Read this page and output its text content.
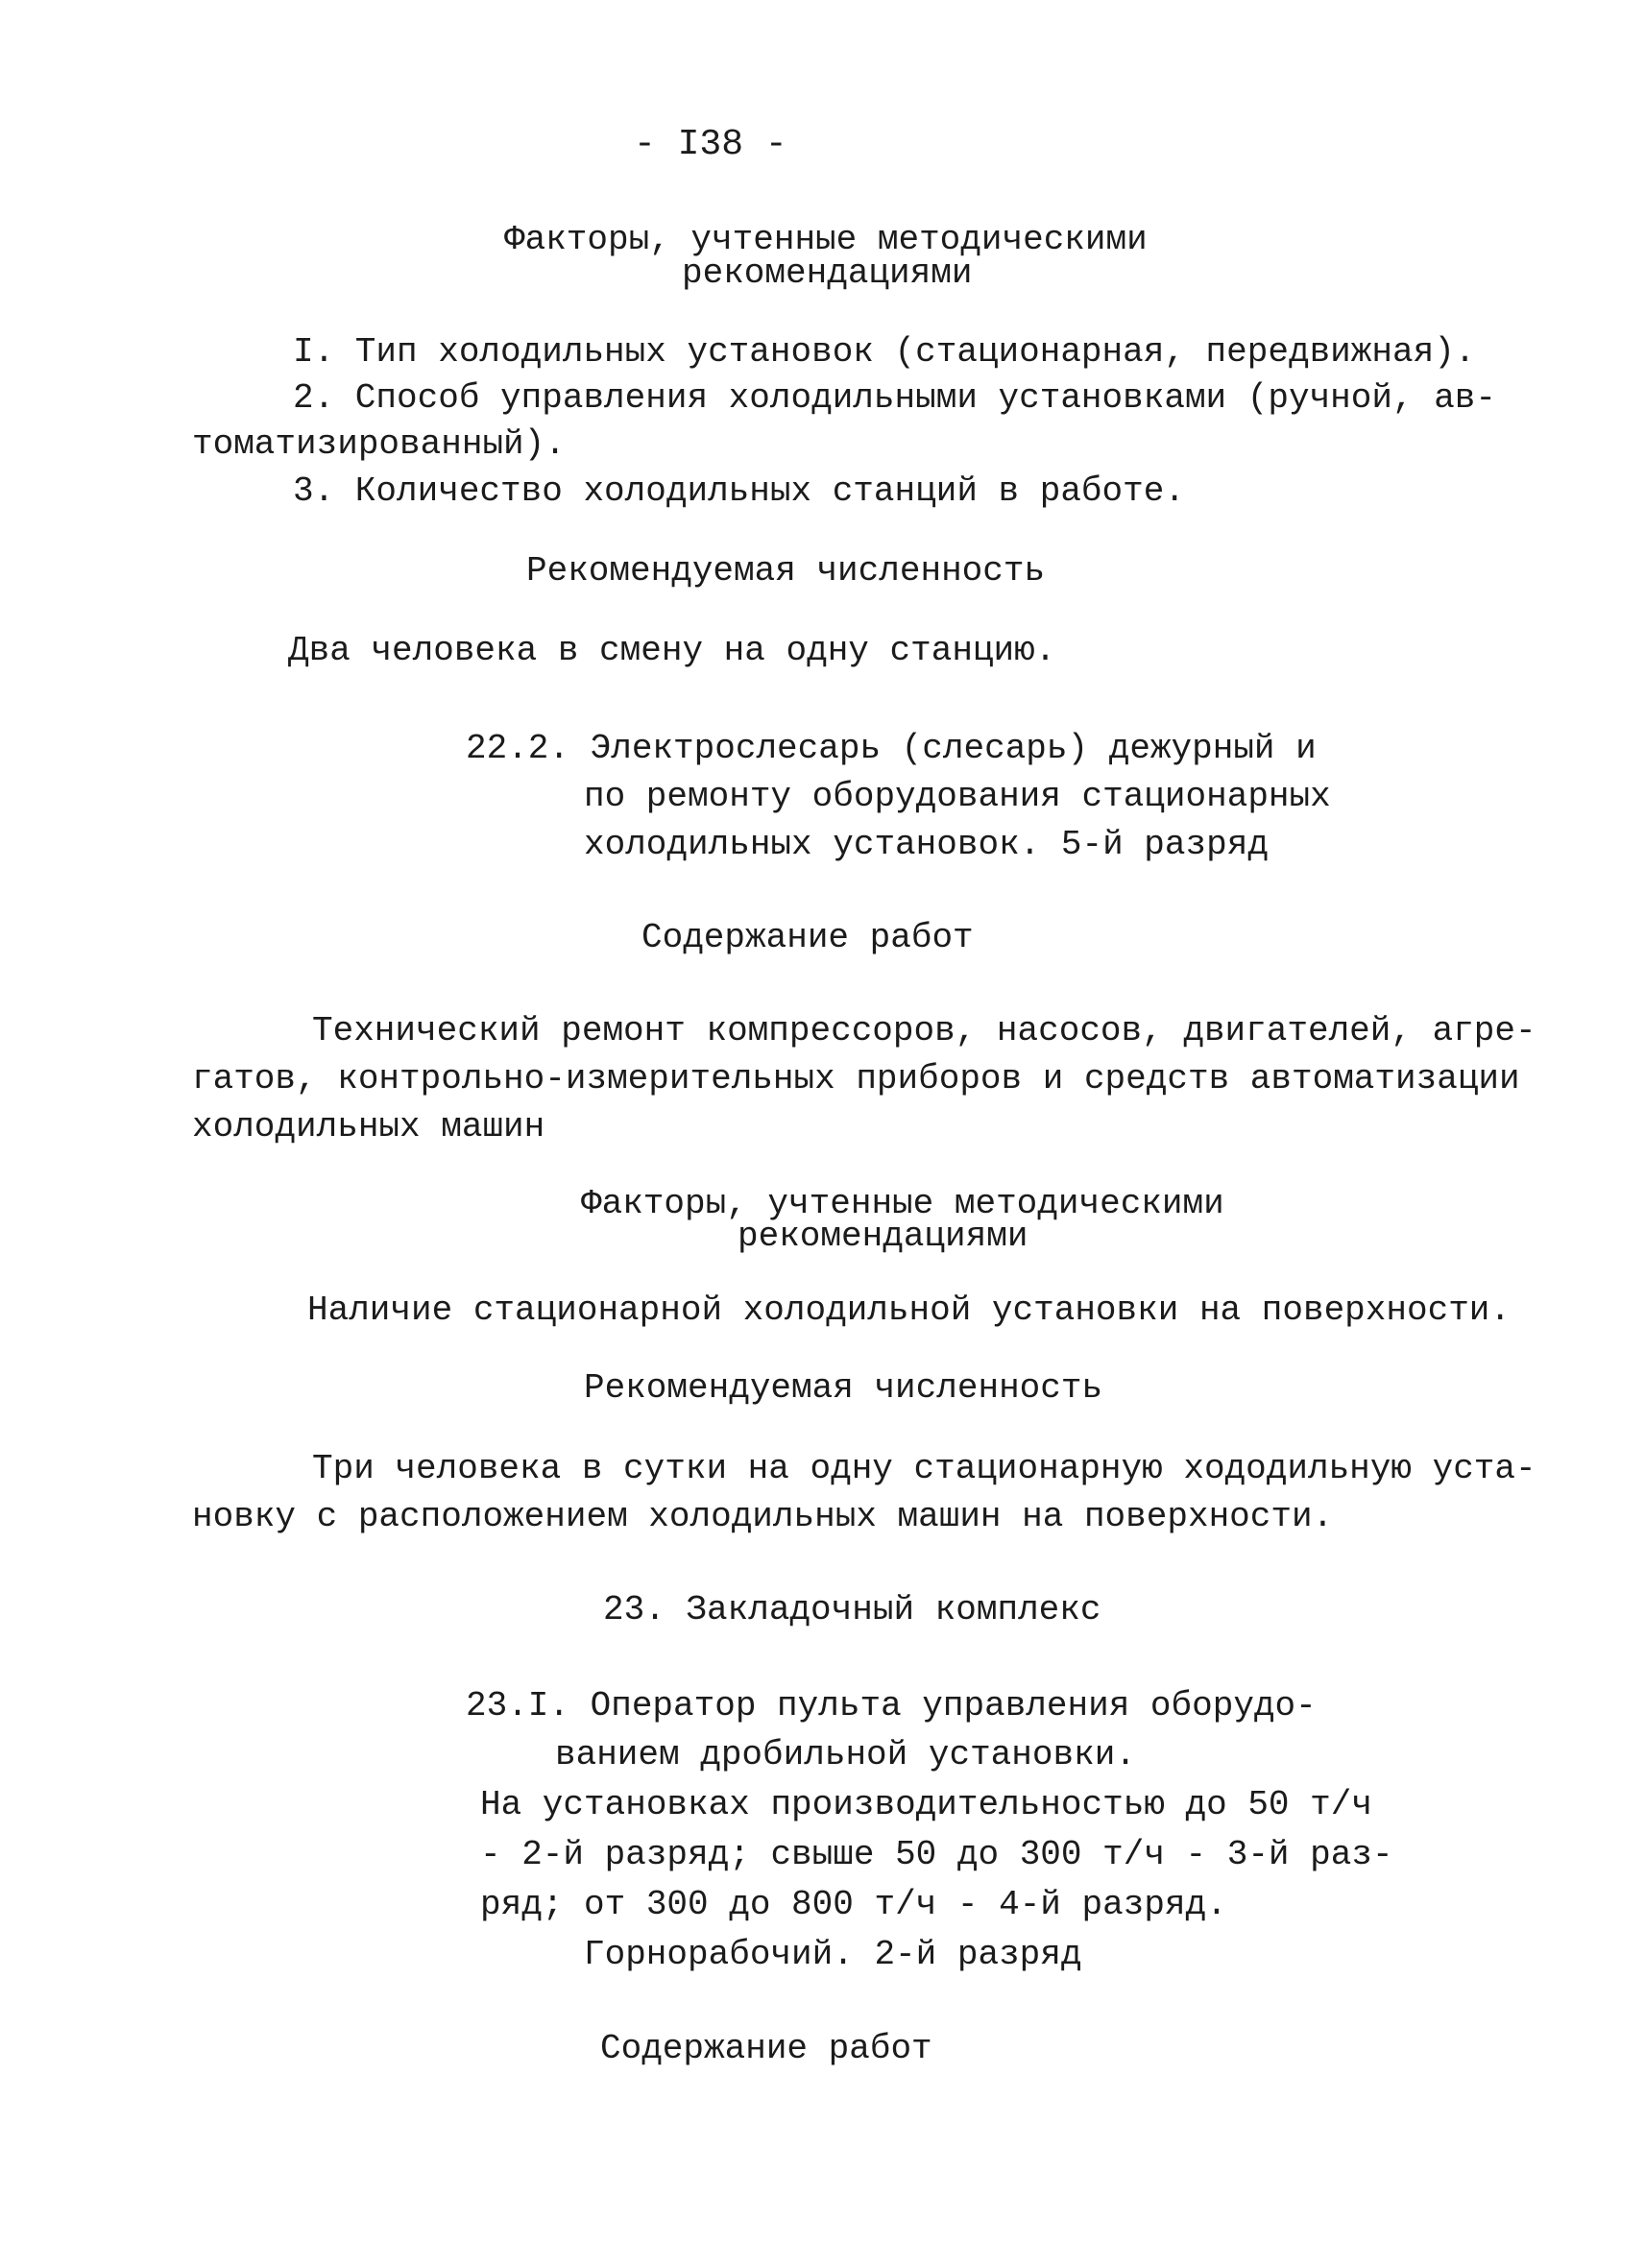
- I38 -
Факторы, учтенные методическими
рекомендациями
I. Тип холодильных установок (стационарная, передвижная).
2. Способ управления холодильными установками (ручной, ав-
томатизированный).
3. Количество холодильных станций в работе.
Рекомендуемая численность
Два человека в смену на одну станцию.
22.2. Электрослесарь (слесарь) дежурный и
по ремонту оборудования стационарных
холодильных установок. 5-й разряд
Содержание работ
Технический ремонт компрессоров, насосов, двигателей, агре-
гатов, контрольно-измерительных приборов и средств автоматизации
холодильных машин
Факторы, учтенные методическими
рекомендациями
Наличие стационарной холодильной установки на поверхности.
Рекомендуемая численность
Три человека в сутки на одну стационарную хододильную уста-
новку с расположением холодильных машин на поверхности.
23. Закладочный комплекс
23.I. Оператор пульта управления оборудо-
ванием дробильной установки.
На установках производительностью до 50 т/ч
- 2-й разряд; свыше 50 до 300 т/ч - 3-й раз-
ряд; от 300 до 800 т/ч - 4-й разряд.
Горнорабочий. 2-й разряд
Содержание работ
